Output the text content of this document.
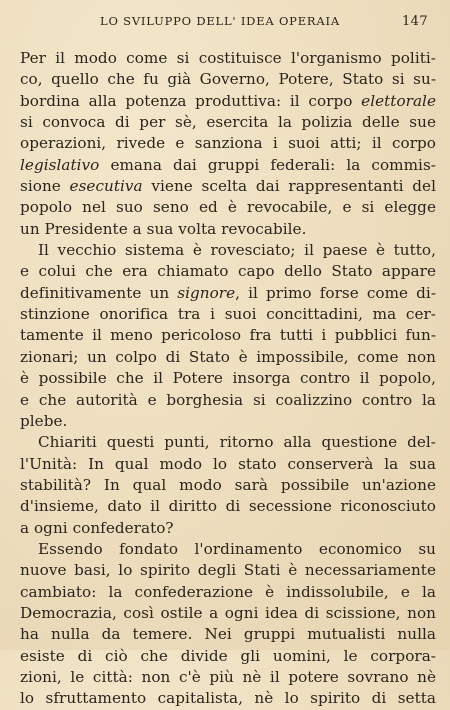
LO SVILUPPO DELL' IDEA OPERAIA	147
Per il modo come si costituisce l'organismo politi-
co, quello che fu già Governo, Potere, Stato si su-
bordina alla potenza produttiva: il corpo elettorale
si convoca di per sè, esercita la polizia delle sue
operazioni, rivede e sanziona i suoi atti; il corpo
legislativo emana dai gruppi federali: la commis-
sione esecutiva viene scelta dai rappresentanti del
popolo nel suo seno ed è revocabile, e si elegge
un Presidente a sua volta revocabile.
Il vecchio sistema è rovesciato; il paese è tutto,
e colui che era chiamato capo dello Stato appare
definitivamente un signore, il primo forse come di-
stinzione onorifica tra i suoi concittadini, ma cer-
tamente il meno pericoloso fra tutti i pubblici fun-
zionari; un colpo di Stato è impossibile, come non
è possibile che il Potere insorga contro il popolo,
e che autorità e borghesia si coalizzino contro la
plebe.
Chiariti questi punti, ritorno alla questione del-
l'Unità: In qual modo lo stato conserverà la sua
stabilità? In qual modo sarà possibile un'azione
d'insieme, dato il diritto di secessione riconosciuto
a ogni confederato?
Essendo fondato l'ordinamento economico su
nuove basi, lo spirito degli Stati è necessariamente
cambiato: la confederazione è indissolubile, e la
Democrazia, così ostile a ogni idea di scissione, non
ha nulla da temere. Nei gruppi mutualisti nulla
esiste di ciò che divide gli uomini, le corpora-
zioni, le città: non c'è più nè il potere sovrano nè
lo sfruttamento capitalista, nè lo spirito di setta
